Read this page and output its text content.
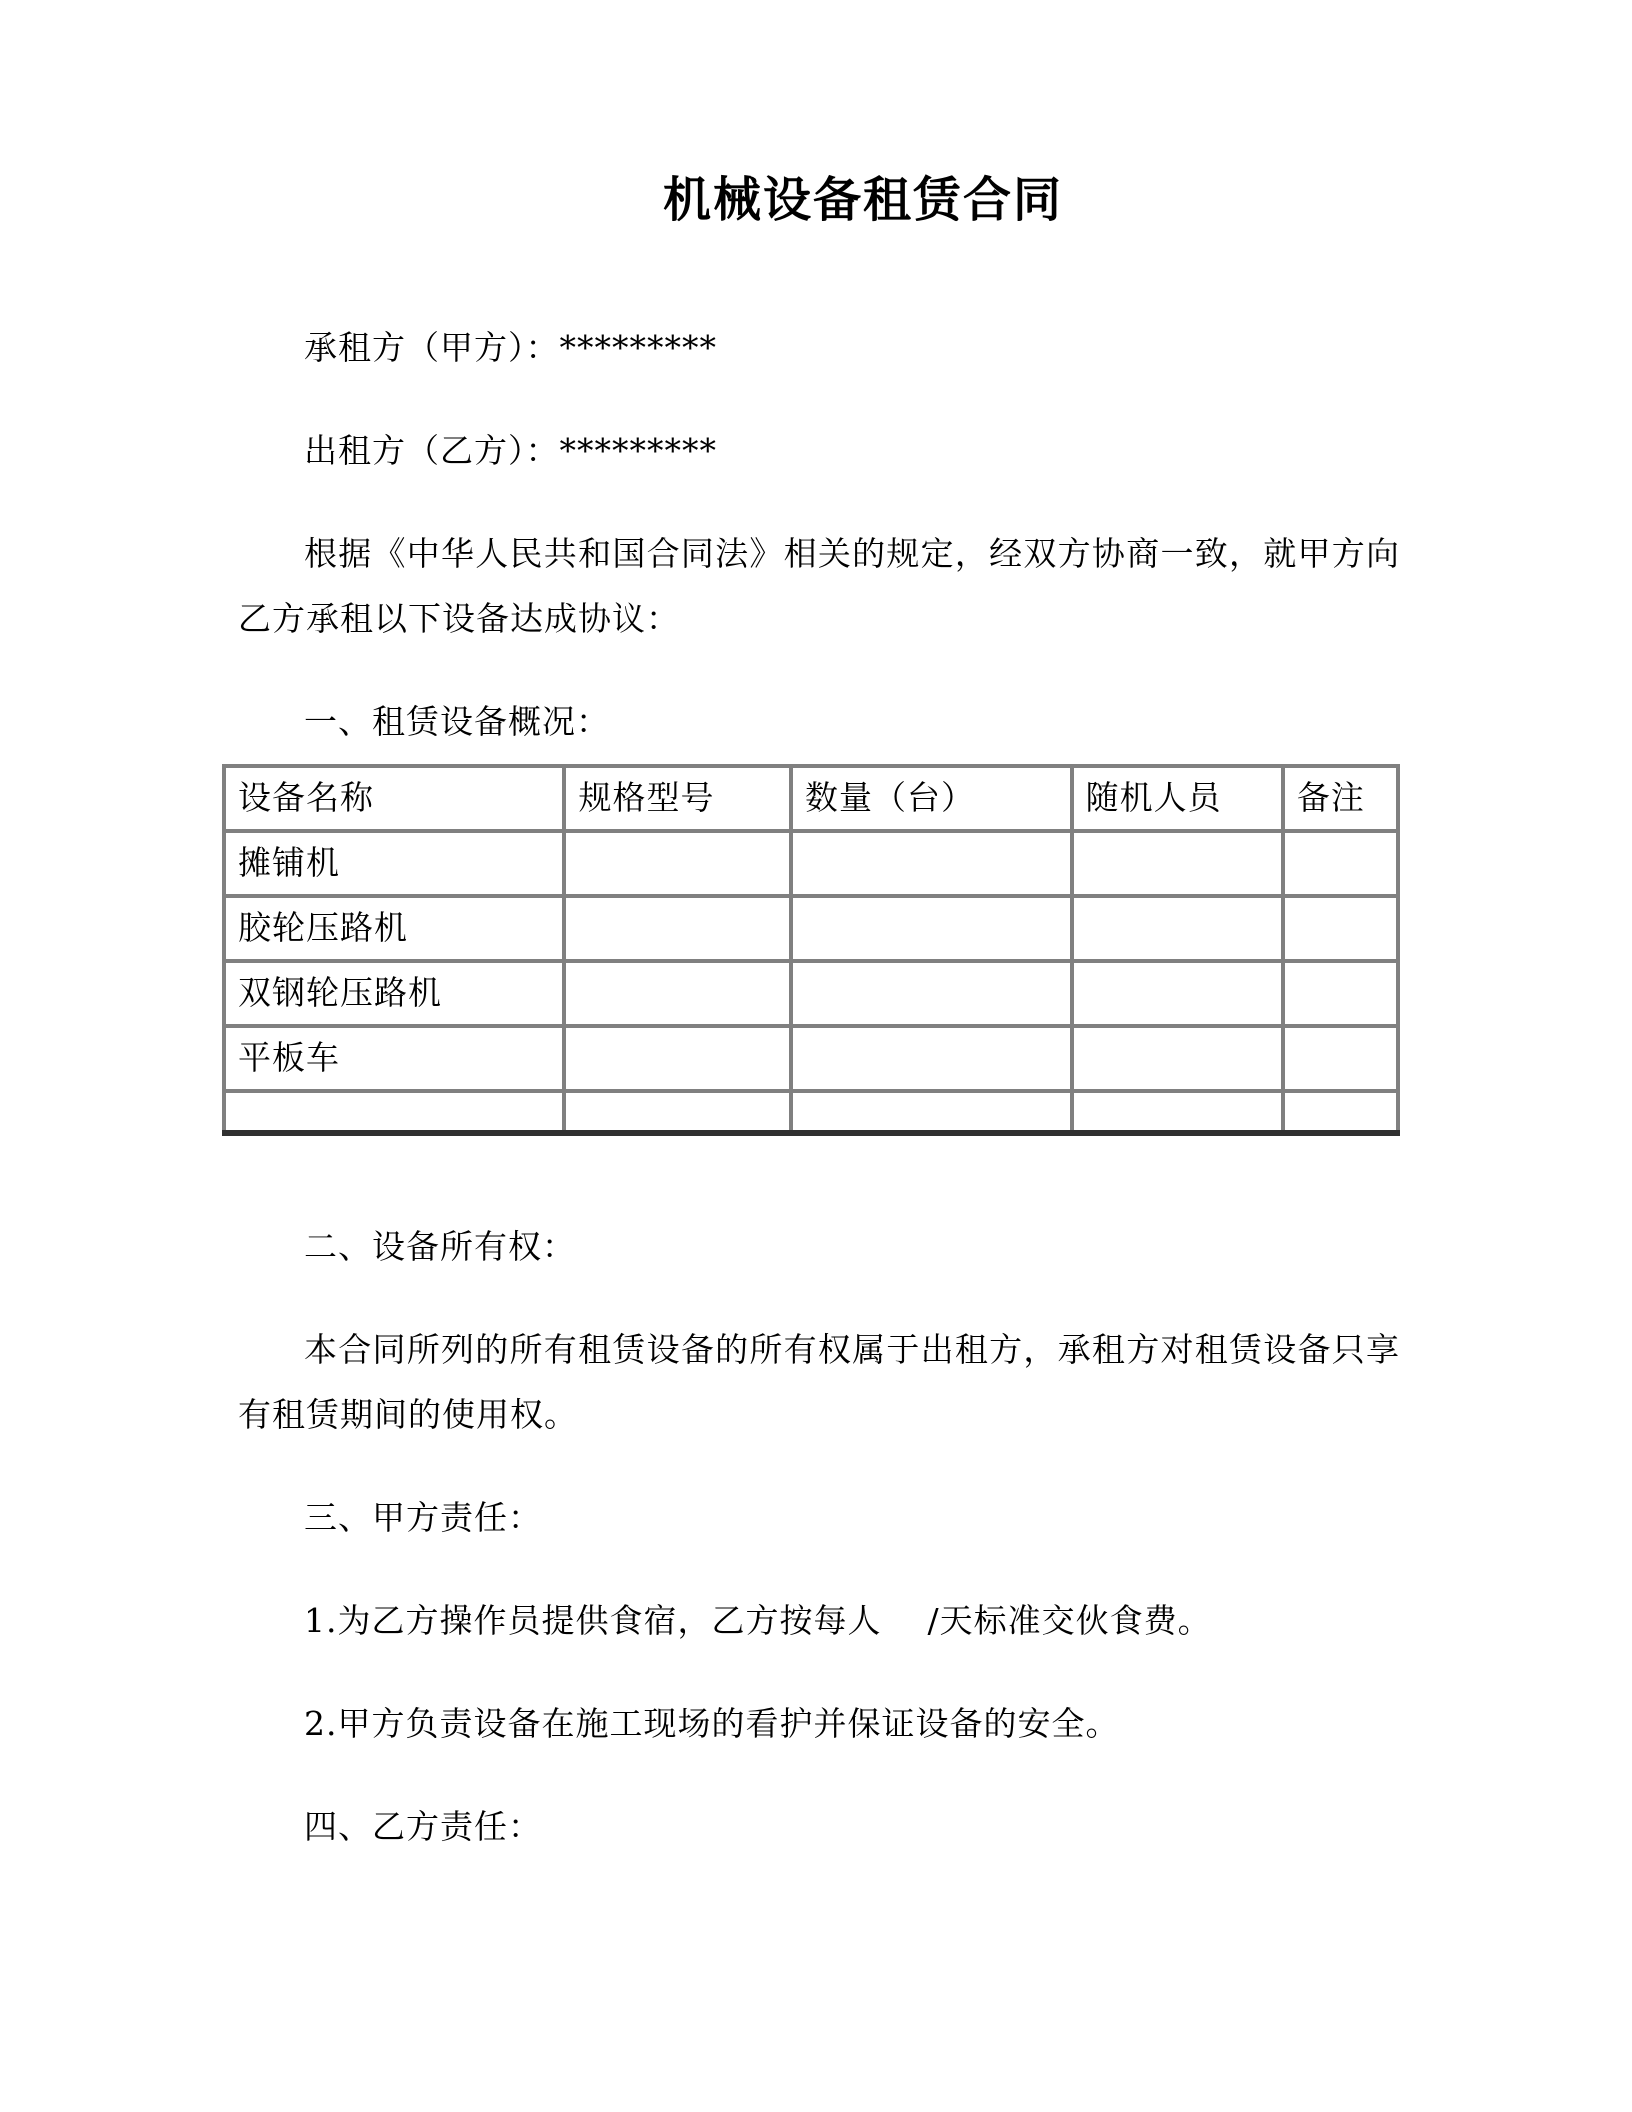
机械设备租赁合同

承租方（甲方）：*********

出租方（乙方）：*********

根据《中华人民共和国合同法》相关的规定，经双方协商一致，就甲方向乙方承租以下设备达成协议：

一、租赁设备概况：

设备名称	规格型号	数量（台）	随机人员	备注
摊铺机				
胶轮压路机				
双钢轮压路机				
平板车				

二、设备所有权：

本合同所列的所有租赁设备的所有权属于出租方，承租方对租赁设备只享有租赁期间的使用权。

三、甲方责任：

1.为乙方操作员提供食宿，乙方按每人    /天标准交伙食费。

2.甲方负责设备在施工现场的看护并保证设备的安全。

四、乙方责任：
